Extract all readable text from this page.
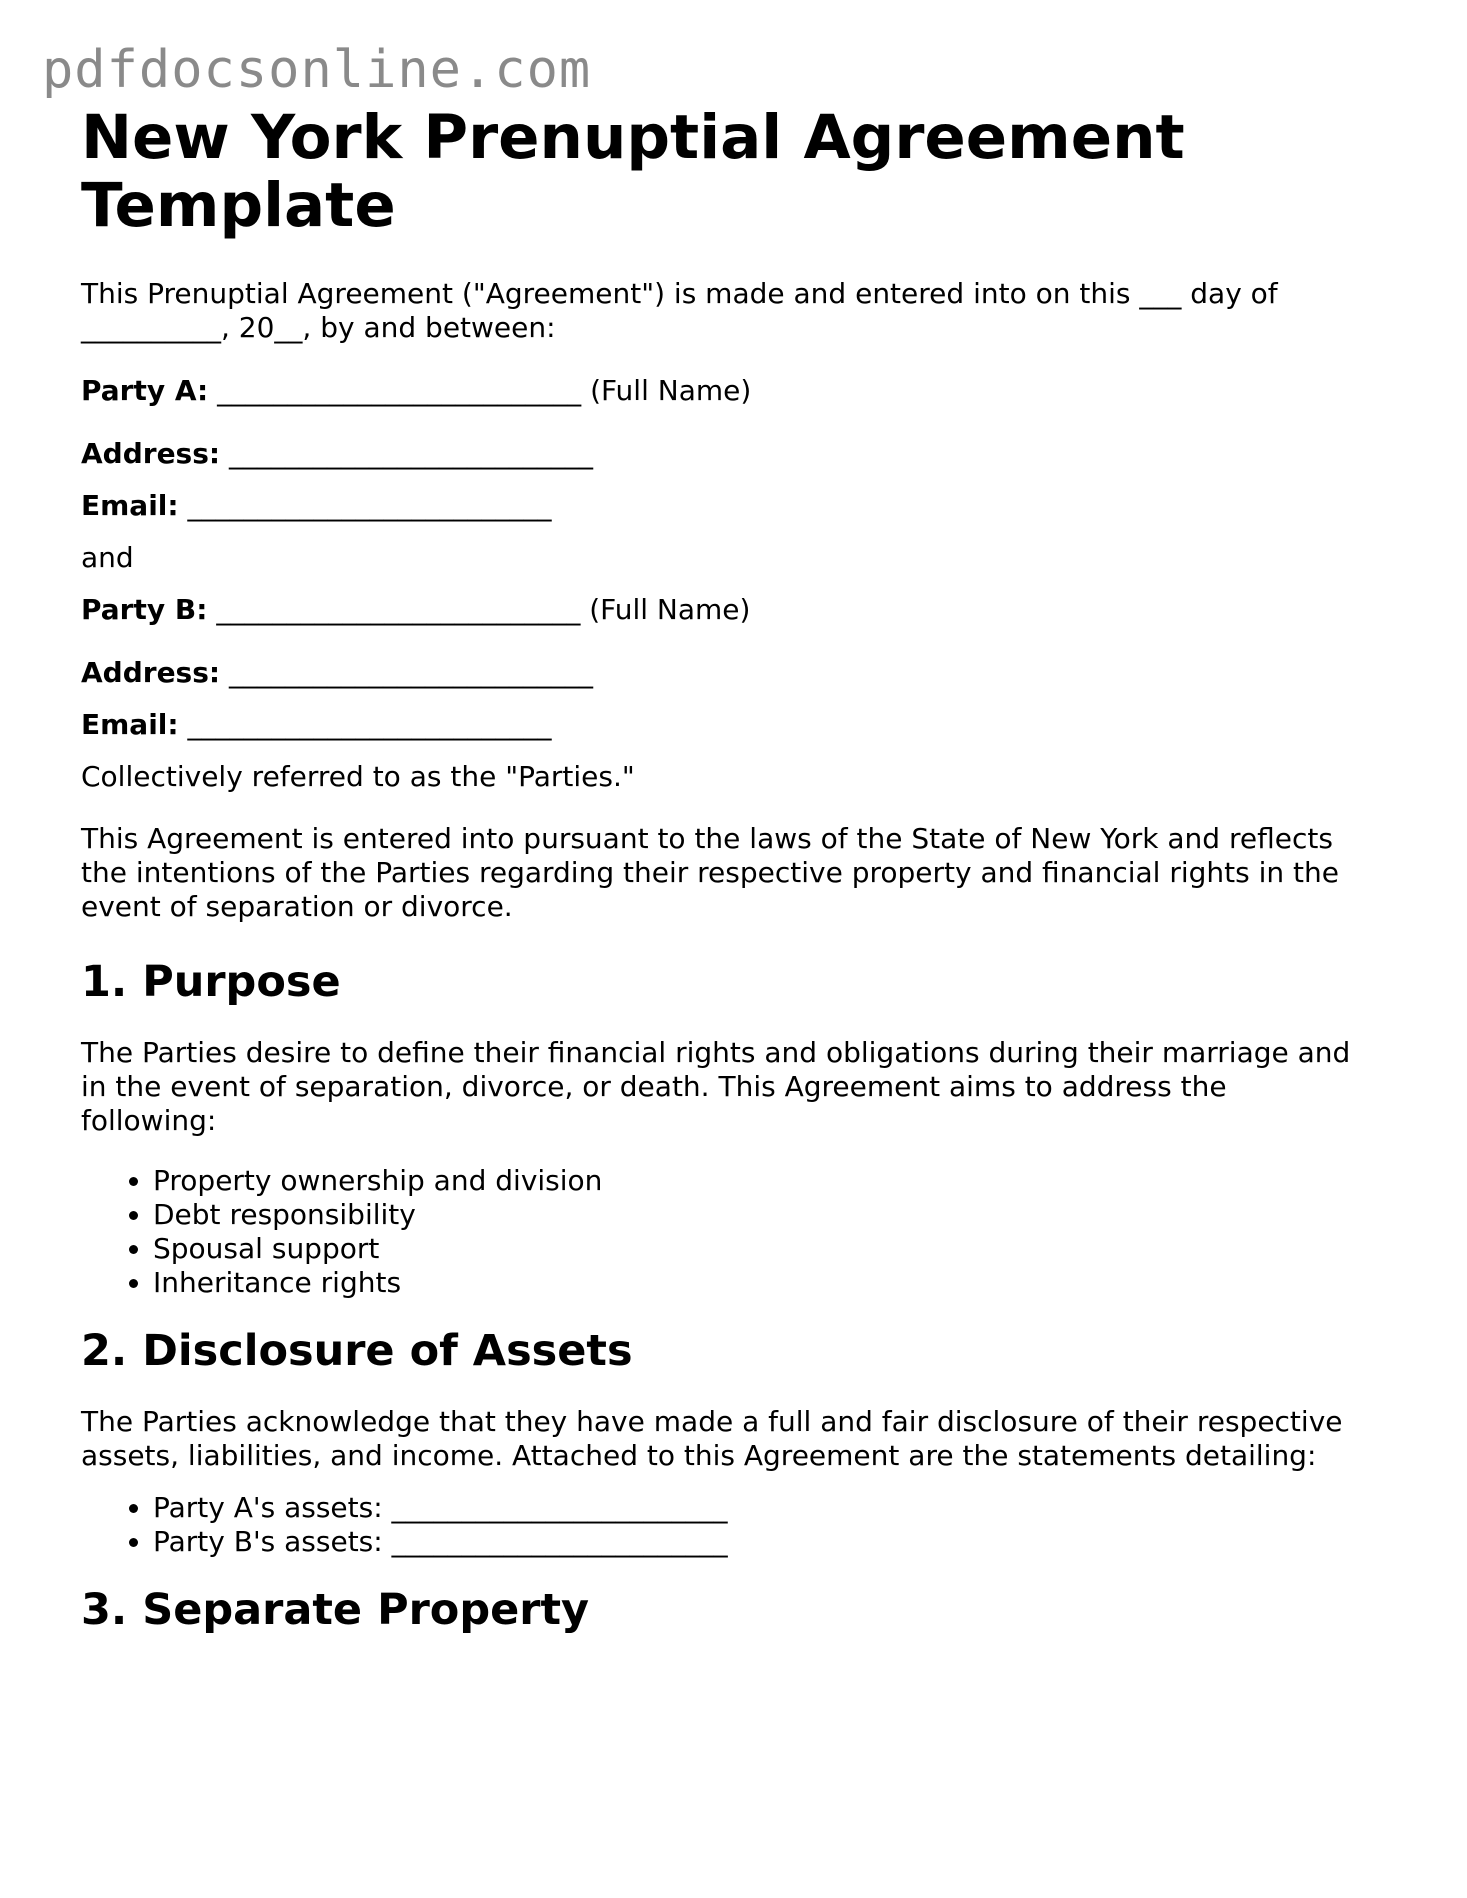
pdfdocsonline.com
New York Prenuptial Agreement
Template

This Prenuptial Agreement ("Agreement") is made and entered into on this ___ day of
__________, 20__, by and between:

Party A: __________________________ (Full Name)

Address: __________________________

Email: __________________________

and

Party B: __________________________ (Full Name)

Address: __________________________

Email: __________________________

Collectively referred to as the "Parties."

This Agreement is entered into pursuant to the laws of the State of New York and reflects
the intentions of the Parties regarding their respective property and financial rights in the
event of separation or divorce.

1. Purpose

The Parties desire to define their financial rights and obligations during their marriage and
in the event of separation, divorce, or death. This Agreement aims to address the
following:

• Property ownership and division
• Debt responsibility
• Spousal support
• Inheritance rights
2. Disclosure of Assets

The Parties acknowledge that they have made a full and fair disclosure of their respective
assets, liabilities, and income. Attached to this Agreement are the statements detailing:

• Party A's assets: ________________________
• Party B's assets: ________________________
3. Separate Property
